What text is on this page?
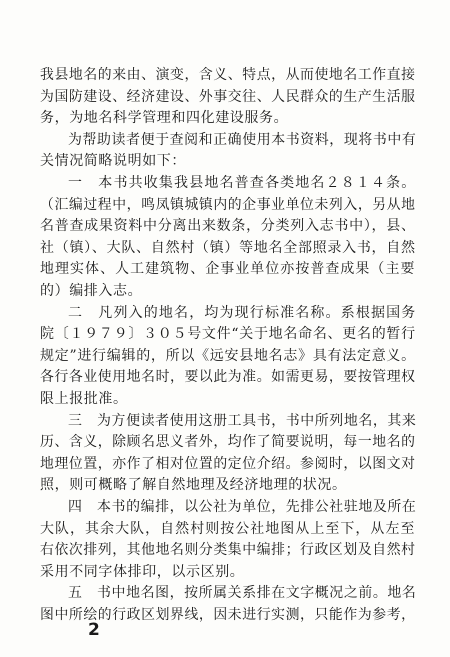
2
我县地名的来由、演变，含义、特点，从而使地名工作直接
为国防建设、经济建设、外事交往、人民群众的生产生活服
务，为地名科学管理和四化建设服务。
为帮助读者便于查阅和正确使用本书资料，现将书中有
关情况简略说明如下：
一　本书共收集我县地名普查各类地名２８１４条。
（汇编过程中，鸣凤镇城镇内的企事业单位未列入，另从地
名普查成果资料中分离出来数条，分类列入志书中），县、
社（镇）、大队、自然村（镇）等地名全部照录入书，自然
地理实体、人工建筑物、企事业单位亦按普查成果（主要
的）编排入志。
二　凡列入的地名，均为现行标准名称。系根据国务
院〔１９７９〕３０５号文件“关于地名命名、更名的暂行
规定”进行编辑的，所以《远安县地名志》具有法定意义。
各行各业使用地名时，要以此为准。如需更易，要按管理权
限上报批准。
三　为方便读者使用这册工具书，书中所列地名，其来
历、含义，除顾名思义者外，均作了简要说明，每一地名的
地理位置，亦作了相对位置的定位介绍。参阅时，以图文对
照，则可概略了解自然地理及经济地理的状况。
四　本书的编排，以公社为单位，先排公社驻地及所在
大队，其余大队，自然村则按公社地图从上至下，从左至
右依次排列，其他地名则分类集中编排；行政区划及自然村
采用不同字体排印，以示区别。
五　书中地名图，按所属关系排在文字概况之前。地名
图中所绘的行政区划界线，因未进行实测，只能作为参考，
